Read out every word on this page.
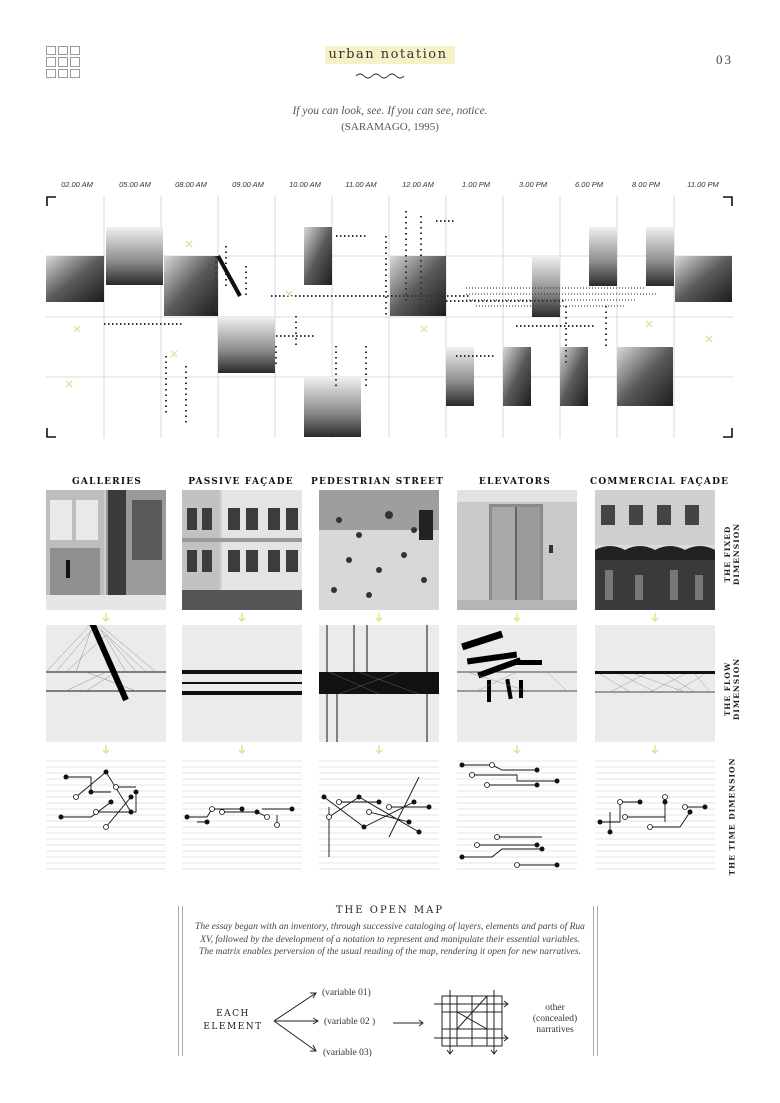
urban notation	03
If you can look, see. If you can see, notice.
(SARAMAGO, 1995)
02.00 AM	05.00 AM	08.00 AM	09.00 AM	10.00 AM	11.00 AM	12.00 AM	1.00 PM	3.00 PM	6.00 PM	8.00 PM	11.00 PM
GALLERIES	PASSIVE FAÇADE	PEDESTRIAN STREET	ELEVATORS	COMMERCIAL FAÇADE
THE FIXED DIMENSION
THE FLOW DIMENSION
THE TIME DIMENSION
THE OPEN MAP
The essay began with an inventory, through successive cataloging of layers, elements and parts of Rua XV, followed by the development of a notation to represent and manipulate their essential variables. The matrix enables perversion of the usual reading of the map, rendering it open for new narratives.
EACH
ELEMENT
(variable 01)
(variable 02 )
(variable 03)
other
(concealed)
narratives
